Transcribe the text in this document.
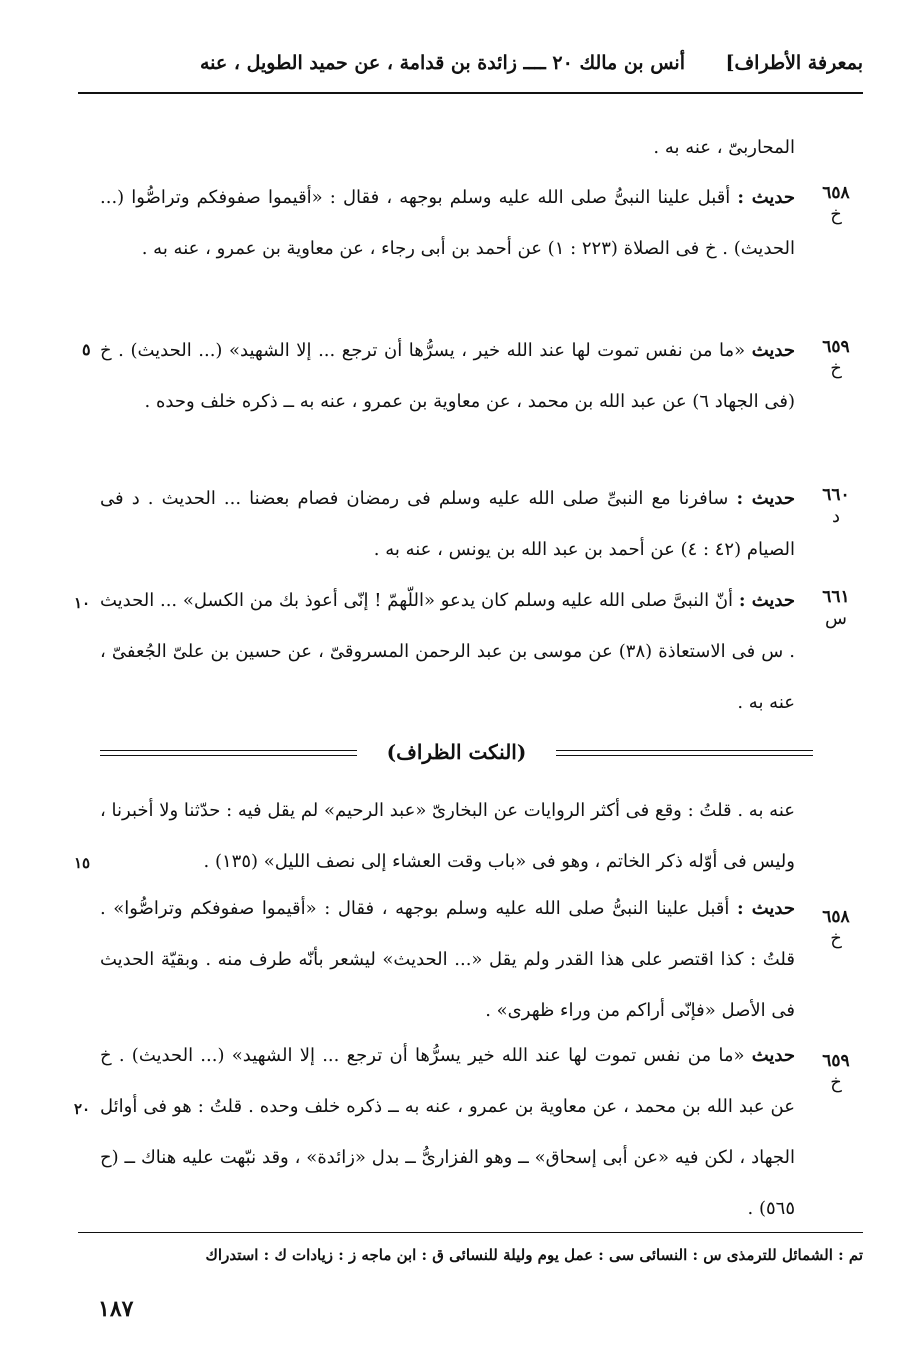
بمعرفة الأطراف]
أنس بن مالك ٢٠ ــــ زائدة بن قدامة ، عن حميد الطويل ، عنه
المحاربىّ ، عنه به .
٦٥٨
خ
حديث : أقبل علينا النبىُّ صلى الله عليه وسلم بوجهه ، فقال : «أقيموا صفوفكم وتراصُّوا (... الحديث) . خ فى الصلاة (٢٢٣ : ١) عن أحمد بن أبى رجاء ، عن معاوية بن عمرو ، عنه به .
٦٥٩
خ
حديث «ما من نفس تموت لها عند الله خير ، يسرُّها أن ترجع ... إلا الشهيد» (... الحديث) . خ (فى الجهاد ٦) عن عبد الله بن محمد ، عن معاوية بن عمرو ، عنه به ــ ذكره خلف وحده .
٥
٦٦٠
د
حديث : سافرنا مع النبىِّ صلى الله عليه وسلم فى رمضان فصام بعضنا ... الحديث . د فى الصيام (٤٢ : ٤) عن أحمد بن عبد الله بن يونس ، عنه به .
٦٦١
س
حديث : أنّ النبىَّ صلى الله عليه وسلم كان يدعو «اللّهمّ ! إنّى أعوذ بك من الكسل» ... الحديث . س فى الاستعاذة (٣٨) عن موسى بن عبد الرحمن المسروقىّ ، عن حسين بن علىّ الجُعفىّ ، عنه به .
١٠
(النكت الظراف)
عنه به . قلتُ : وقع فى أكثر الروايات عن البخارىّ «عبد الرحيم» لم يقل فيه : حدّثنا ولا أخبرنا ، وليس فى أوّله ذكر الخاتم ، وهو فى «باب وقت العشاء إلى نصف الليل» (١٣٥) .
١٥
٦٥٨
خ
حديث : أقبل علينا النبىُّ صلى الله عليه وسلم بوجهه ، فقال : «أقيموا صفوفكم وتراصُّوا» . قلتُ : كذا اقتصر على هذا القدر ولم يقل «... الحديث» ليشعر بأنّه طرف منه . وبقيّة الحديث فى الأصل «فإنّى أراكم من وراء ظهرى» .
٦٥٩
خ
حديث «ما من نفس تموت لها عند الله خير يسرُّها أن ترجع ... إلا الشهيد» (... الحديث) . خ عن عبد الله بن محمد ، عن معاوية بن عمرو ، عنه به ــ ذكره خلف وحده . قلتُ : هو فى أوائل الجهاد ، لكن فيه «عن أبى إسحاق» ــ وهو الفزارىُّ ــ بدل «زائدة» ، وقد نبّهت عليه هناك ــ (ح ٥٦٥) .
٢٠
تم : الشمائل للترمذى س : النسائى سى : عمل يوم وليلة للنسائى ق : ابن ماجه ز : زيادات ك : استدراك
١٨٧
